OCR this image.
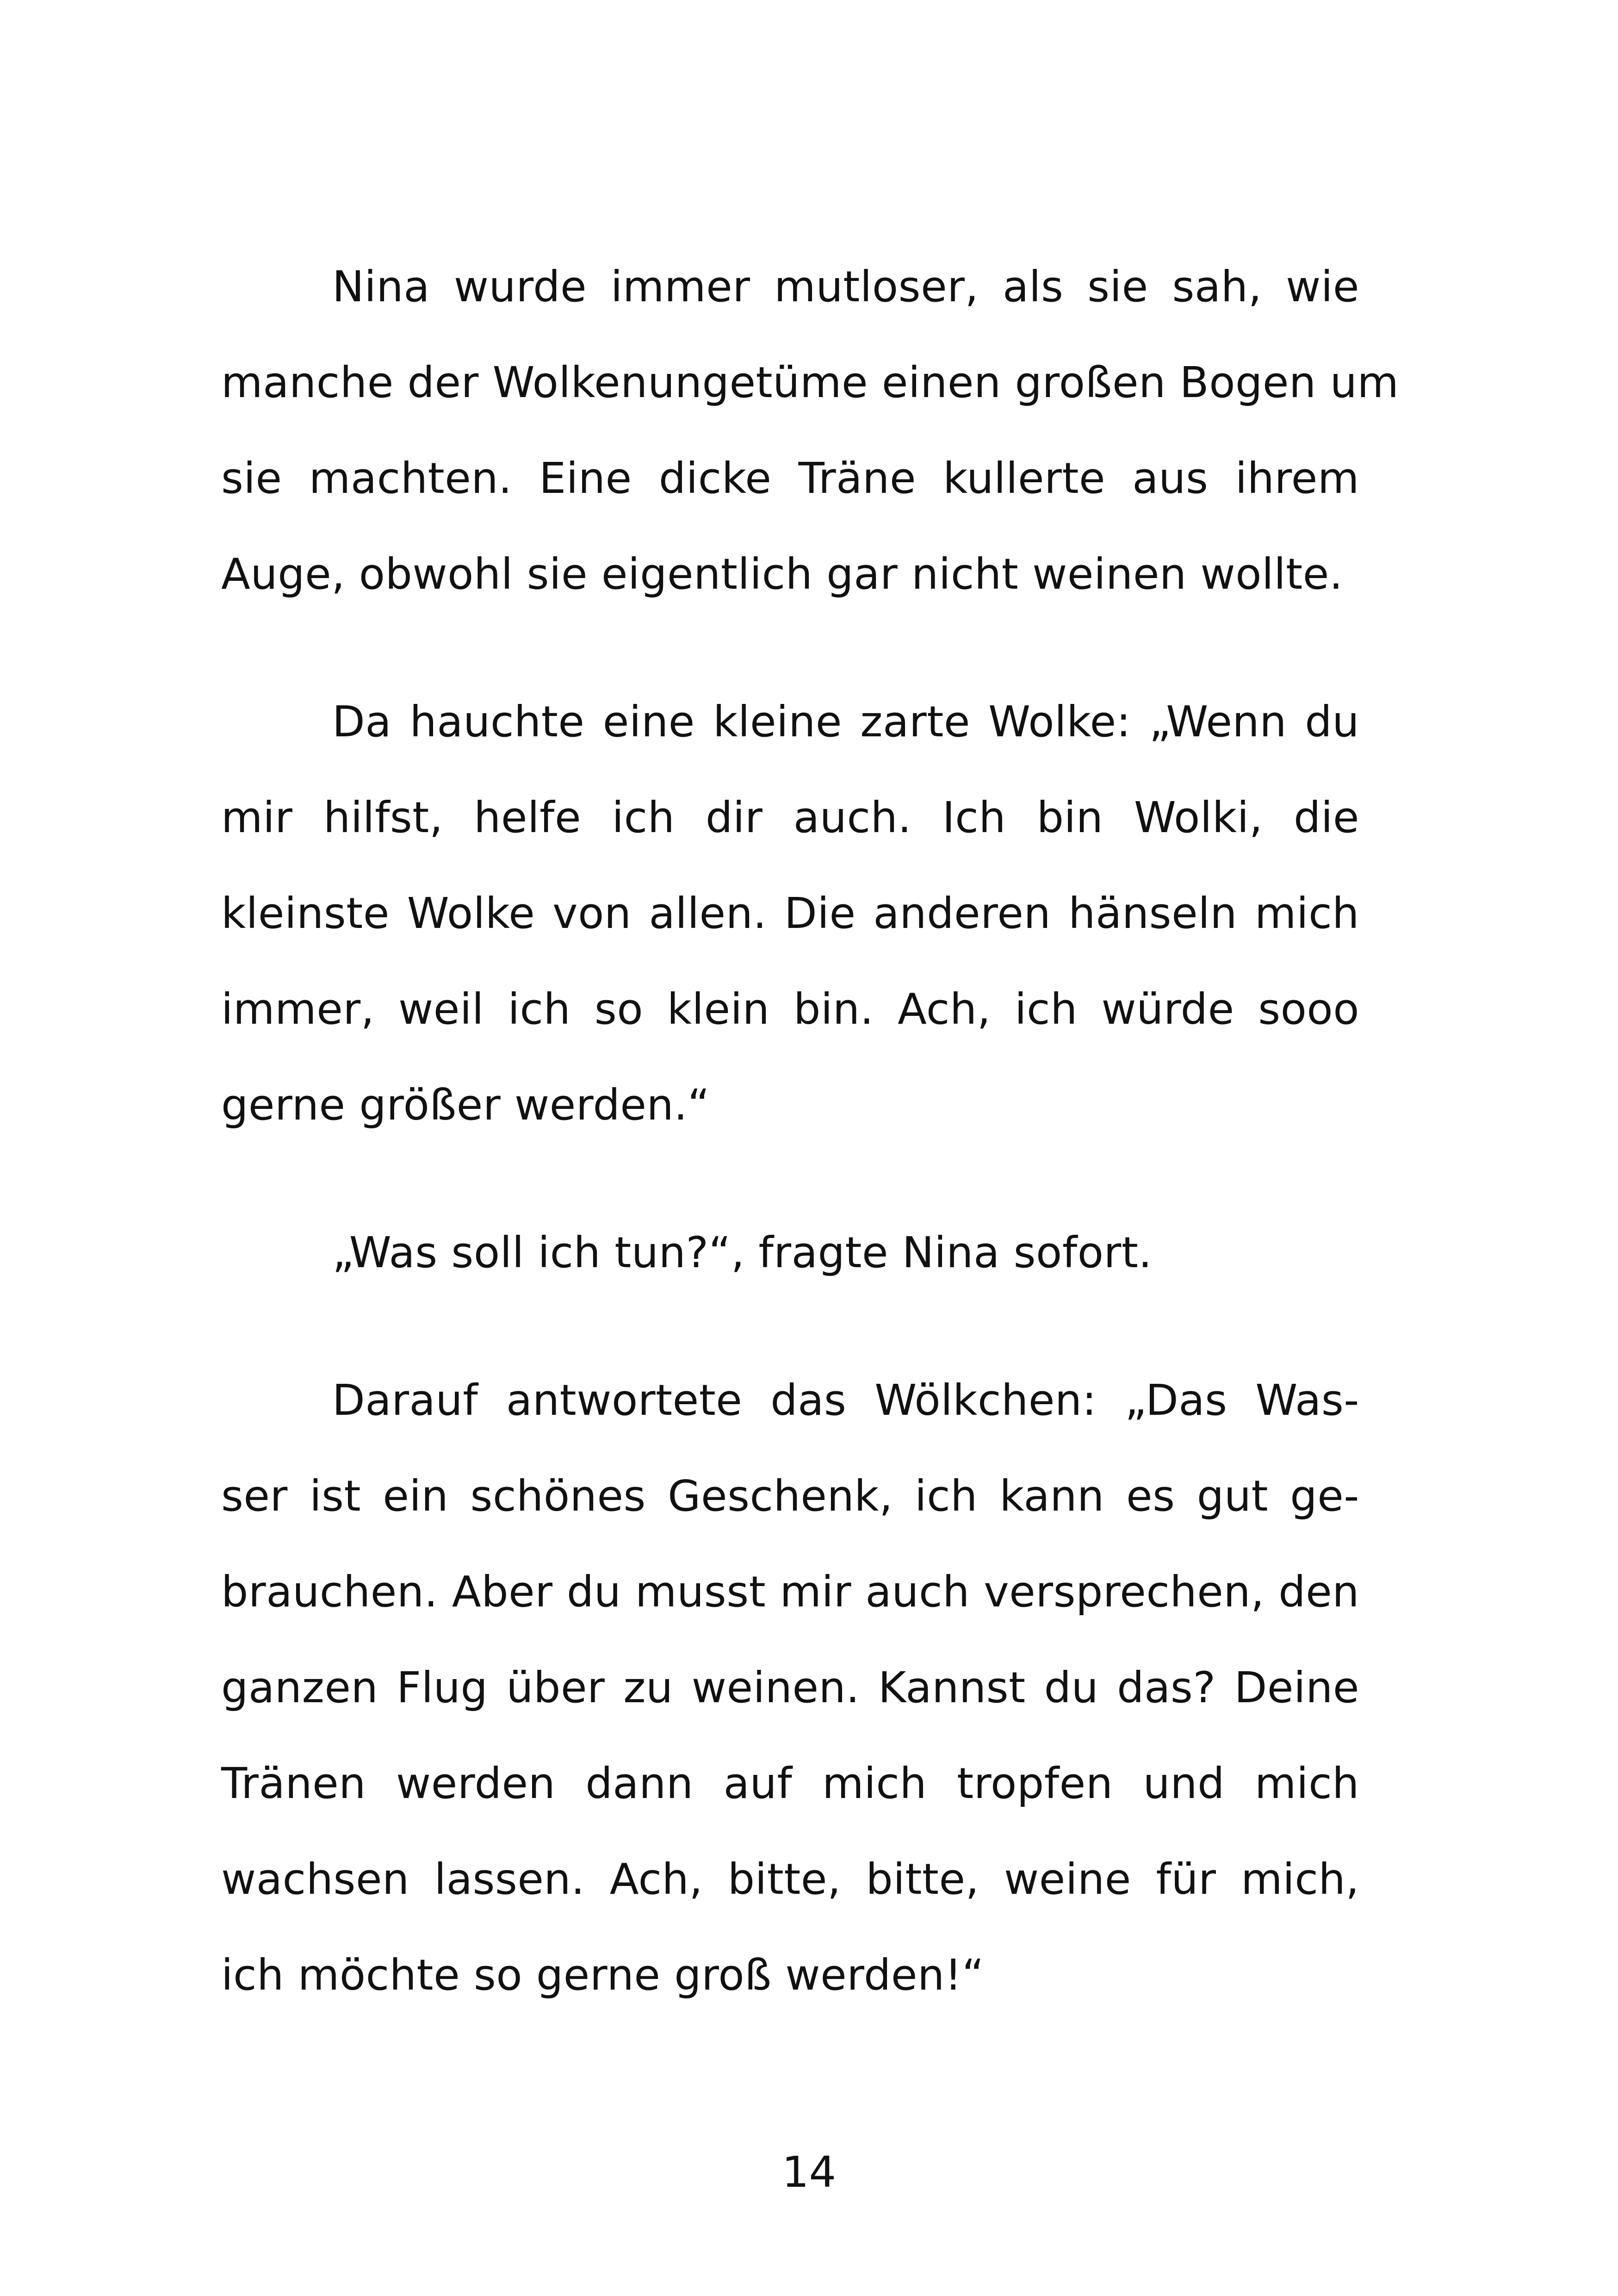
Nina wurde immer mutloser, als sie sah, wie
manche der Wolkenungetüme einen großen Bogen um
sie machten. Eine dicke Träne kullerte aus ihrem
Auge, obwohl sie eigentlich gar nicht weinen wollte.
Da hauchte eine kleine zarte Wolke: „Wenn du
mir hilfst, helfe ich dir auch. Ich bin Wolki, die
kleinste Wolke von allen. Die anderen hänseln mich
immer, weil ich so klein bin. Ach, ich würde sooo
gerne größer werden.“
„Was soll ich tun?“, fragte Nina sofort.
Darauf antwortete das Wölkchen: „Das Was-
ser ist ein schönes Geschenk, ich kann es gut ge-
brauchen. Aber du musst mir auch versprechen, den
ganzen Flug über zu weinen. Kannst du das? Deine
Tränen werden dann auf mich tropfen und mich
wachsen lassen. Ach, bitte, bitte, weine für mich,
ich möchte so gerne groß werden!“
14
